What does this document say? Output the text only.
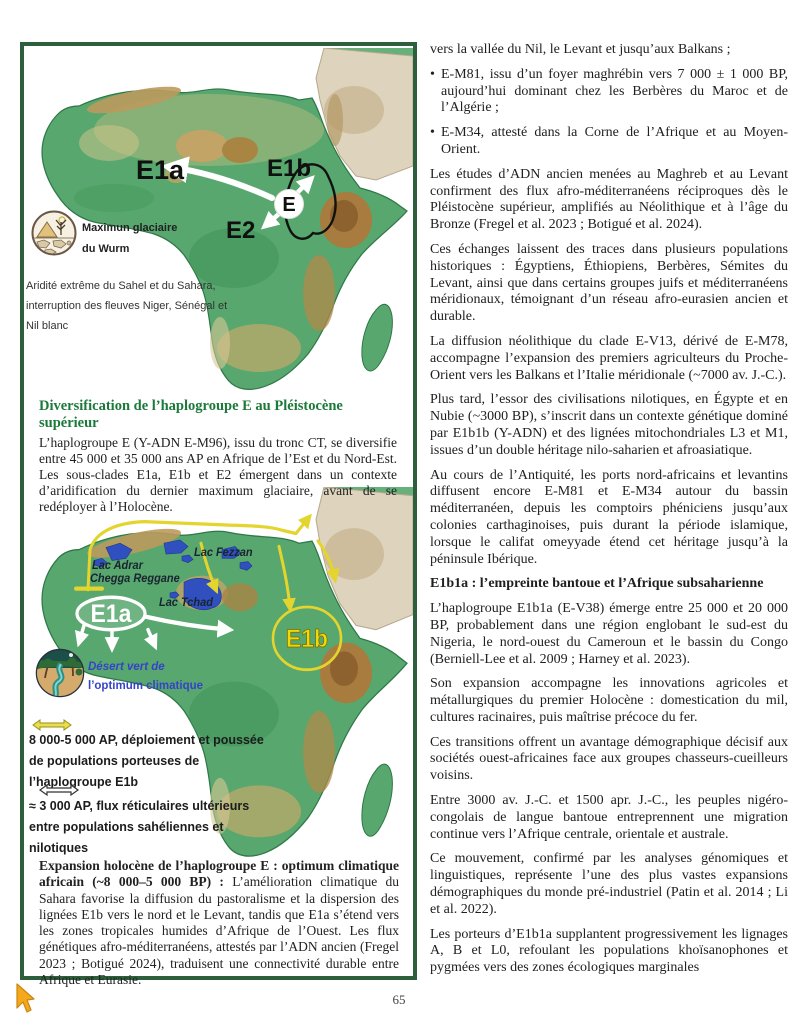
E1a	E1b
E
E2
Maximun glaciaire
du Wurm
Aridité extrême du Sahel et du Sahara, interruption des fleuves Niger, Sénégal et Nil blanc
Diversification de l’haplogroupe E au Pléistocène supérieur
L’haplogroupe E (Y-ADN E-M96), issu du tronc CT, se diversifie entre 45 000 et 35 000 ans AP en Afrique de l’Est et du Nord-Est. Les sous-clades E1a, E1b et E2 émergent dans un contexte d’aridification du dernier maximum glaciaire, avant de se redéployer à l’Holocène.
Lac Adrar
Chegga Reggane
Lac Fezzan
Lac Tchad
E1a
E1b
Désert vert de
l’optimum climatique
8 000-5 000 AP, déploiement et poussée de populations porteuses de l’haplogroupe E1b
≈ 3 000 AP, flux réticulaires ultérieurs entre populations sahéliennes et nilotiques
Expansion holocène de l’haplogroupe E : optimum climatique africain (~8 000–5 000 BP) : L’amélioration climatique du Sahara favorise la diffusion du pastoralisme et la dispersion des lignées E1b vers le nord et le Levant, tandis que E1a s’étend vers les zones tropicales humides d’Afrique de l’Ouest. Les flux génétiques afro-méditerranéens, attestés par l’ADN ancien (Fregel 2023 ; Botigué 2024), traduisent une connectivité durable entre Afrique et Eurasie.

vers la vallée du Nil, le Levant et jusqu’aux Balkans ;

• E-M81, issu d’un foyer maghrébin vers 7 000 ± 1 000 BP, aujourd’hui dominant chez les Berbères du Maroc et de l’Algérie ;

• E-M34, attesté dans la Corne de l’Afrique et au Moyen-Orient.

Les études d’ADN ancien menées au Maghreb et au Levant confirment des flux afro-méditerranéens réciproques dès le Pléistocène supérieur, amplifiés au Néolithique et à l’âge du Bronze (Fregel et al. 2023 ; Botigué et al. 2024).

Ces échanges laissent des traces dans plusieurs populations historiques : Égyptiens, Éthiopiens, Berbères, Sémites du Levant, ainsi que dans certains groupes juifs et méditerranéens méridionaux, témoignant d’un réseau afro-eurasien ancien et durable.

La diffusion néolithique du clade E-V13, dérivé de E-M78, accompagne l’expansion des premiers agriculteurs du Proche-Orient vers les Balkans et l’Italie méridionale (~7000 av. J.-C.).

Plus tard, l’essor des civilisations nilotiques, en Égypte et en Nubie (~3000 BP), s’inscrit dans un contexte génétique dominé par E1b1b (Y-ADN) et des lignées mitochondriales L3 et M1, issues d’un double héritage nilo-saharien et afroasiatique.

Au cours de l’Antiquité, les ports nord-africains et levantins diffusent encore E-M81 et E-M34 autour du bassin méditerranéen, depuis les comptoirs phéniciens jusqu’aux colonies carthaginoises, puis durant la période islamique, lorsque le califat omeyyade étend cet héritage jusqu’à la péninsule Ibérique.

E1b1a : l’empreinte bantoue et l’Afrique subsaharienne

L’haplogroupe E1b1a (E-V38) émerge entre 25 000 et 20 000 BP, probablement dans une région englobant le sud-est du Nigeria, le nord-ouest du Cameroun et le bassin du Congo (Berniell-Lee et al. 2009 ; Harney et al. 2023).

Son expansion accompagne les innovations agricoles et métallurgiques du premier Holocène : domestication du mil, cultures racinaires, puis maîtrise précoce du fer.

Ces transitions offrent un avantage démographique décisif aux sociétés ouest-africaines face aux groupes chasseurs-cueilleurs voisins.

Entre 3000 av. J.-C. et 1500 apr. J.-C., les peuples nigéro-congolais de langue bantoue entreprennent une migration continue vers l’Afrique centrale, orientale et australe.

Ce mouvement, confirmé par les analyses génomiques et linguistiques, représente l’une des plus vastes expansions démographiques du monde pré-industriel (Patin et al. 2014 ; Li et al. 2022).

Les porteurs d’E1b1a supplantent progressivement les lignages A, B et L0, refoulant les populations khoïsanophones et pygmées vers des zones écologiques marginales

65
